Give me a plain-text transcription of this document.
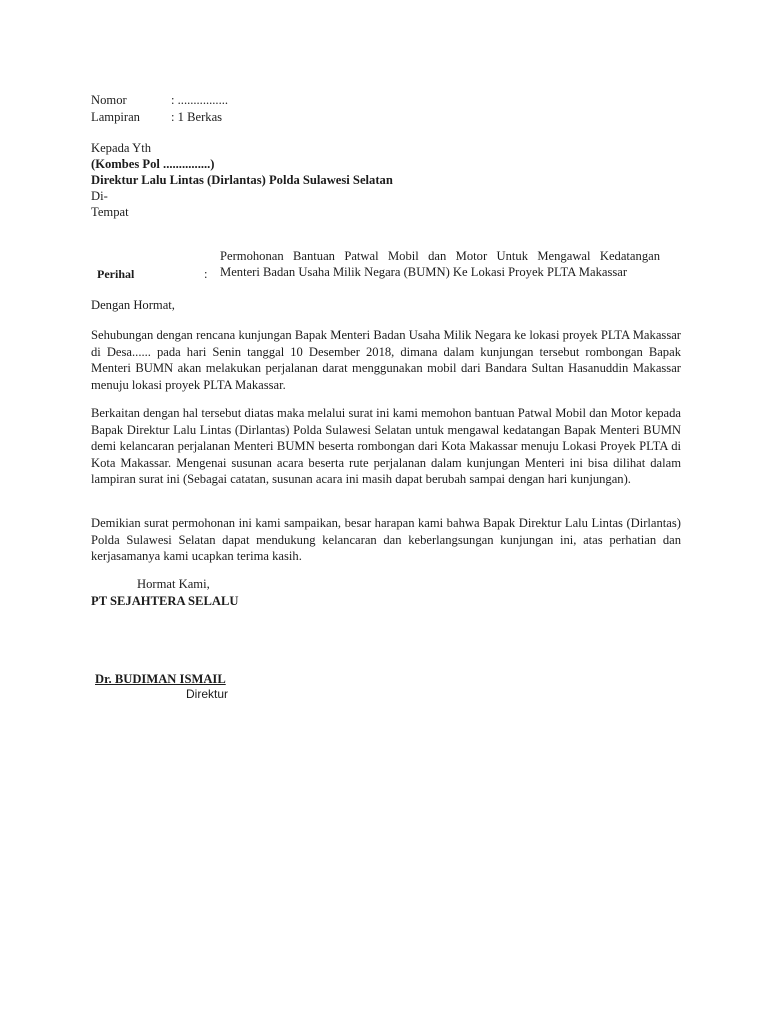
Nomor	: ................
Lampiran : 1 Berkas
Kepada Yth
(Kombes Pol ...............)
Direktur Lalu Lintas (Dirlantas) Polda Sulawesi Selatan
Di-
Tempat
Perihal	:
Permohonan Bantuan Patwal Mobil dan Motor Untuk Mengawal Kedatangan
Menteri Badan Usaha Milik Negara (BUMN) Ke Lokasi Proyek PLTA Makassar
Dengan Hormat,
Sehubungan dengan rencana kunjungan Bapak Menteri Badan Usaha Milik Negara ke lokasi proyek PLTA Makassar di Desa...... pada hari Senin tanggal 10 Desember 2018, dimana dalam kunjungan tersebut rombongan Bapak Menteri BUMN akan melakukan perjalanan darat menggunakan mobil dari Bandara Sultan Hasanuddin Makassar menuju lokasi proyek PLTA Makassar.
Berkaitan dengan hal tersebut diatas maka melalui surat ini kami memohon bantuan Patwal Mobil dan Motor kepada Bapak Direktur Lalu Lintas (Dirlantas) Polda Sulawesi Selatan untuk mengawal kedatangan Bapak Menteri BUMN demi kelancaran perjalanan Menteri BUMN beserta rombongan dari Kota Makassar menuju Lokasi Proyek PLTA di Kota Makassar. Mengenai susunan acara beserta rute perjalanan dalam kunjungan Menteri ini bisa dilihat dalam lampiran surat ini (Sebagai catatan, susunan acara ini masih dapat berubah sampai dengan hari kunjungan).
Demikian surat permohonan ini kami sampaikan, besar harapan kami bahwa Bapak Direktur Lalu Lintas (Dirlantas) Polda Sulawesi Selatan dapat mendukung kelancaran dan keberlangsungan kunjungan ini, atas perhatian dan kerjasamanya kami ucapkan terima kasih.
Hormat Kami,
PT SEJAHTERA SELALU
Dr. BUDIMAN ISMAIL
Direktur
